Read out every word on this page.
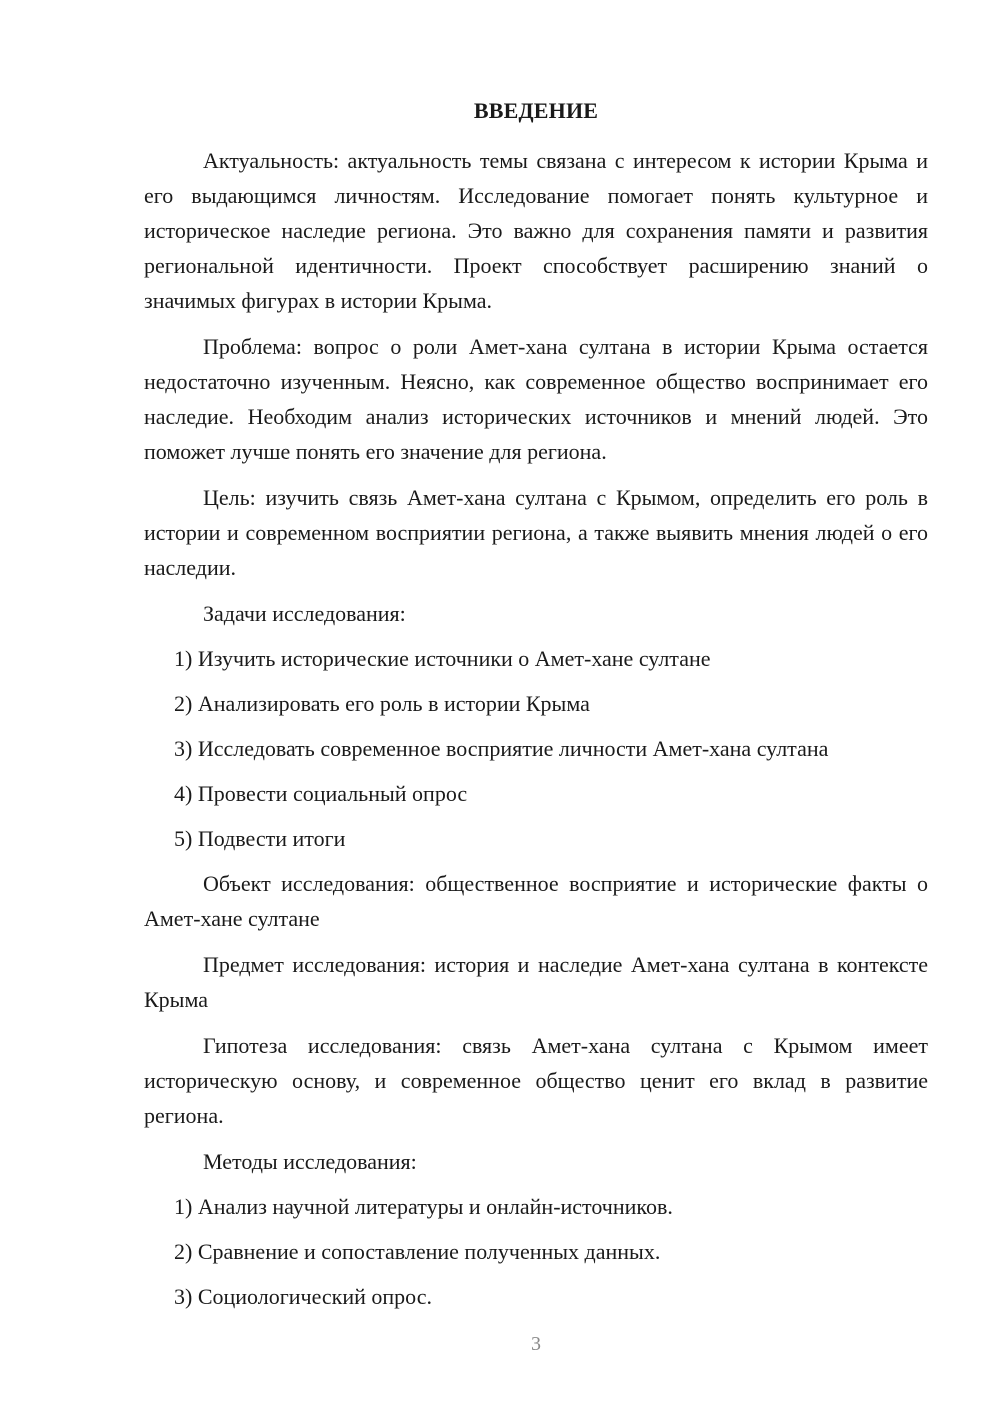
ВВЕДЕНИЕ

Актуальность: актуальность темы связана с интересом к истории Крыма и его выдающимся личностям. Исследование помогает понять культурное и историческое наследие региона. Это важно для сохранения памяти и развития региональной идентичности. Проект способствует расширению знаний о значимых фигурах в истории Крыма.

Проблема: вопрос о роли Амет-хана султана в истории Крыма остается недостаточно изученным. Неясно, как современное общество воспринимает его наследие. Необходим анализ исторических источников и мнений людей. Это поможет лучше понять его значение для региона.

Цель: изучить связь Амет-хана султана с Крымом, определить его роль в истории и современном восприятии региона, а также выявить мнения людей о его наследии.

Задачи исследования:

1) Изучить исторические источники о Амет-хане султане

2) Анализировать его роль в истории Крыма

3) Исследовать современное восприятие личности Амет-хана султана

4) Провести социальный опрос

5) Подвести итоги

Объект исследования: общественное восприятие и исторические факты о Амет-хане султане

Предмет исследования: история и наследие Амет-хана султана в контексте Крыма

Гипотеза исследования: связь Амет-хана султана с Крымом имеет историческую основу, и современное общество ценит его вклад в развитие региона.

Методы исследования:

1) Анализ научной литературы и онлайн-источников.

2) Сравнение и сопоставление полученных данных.

3) Социологический опрос.

3
